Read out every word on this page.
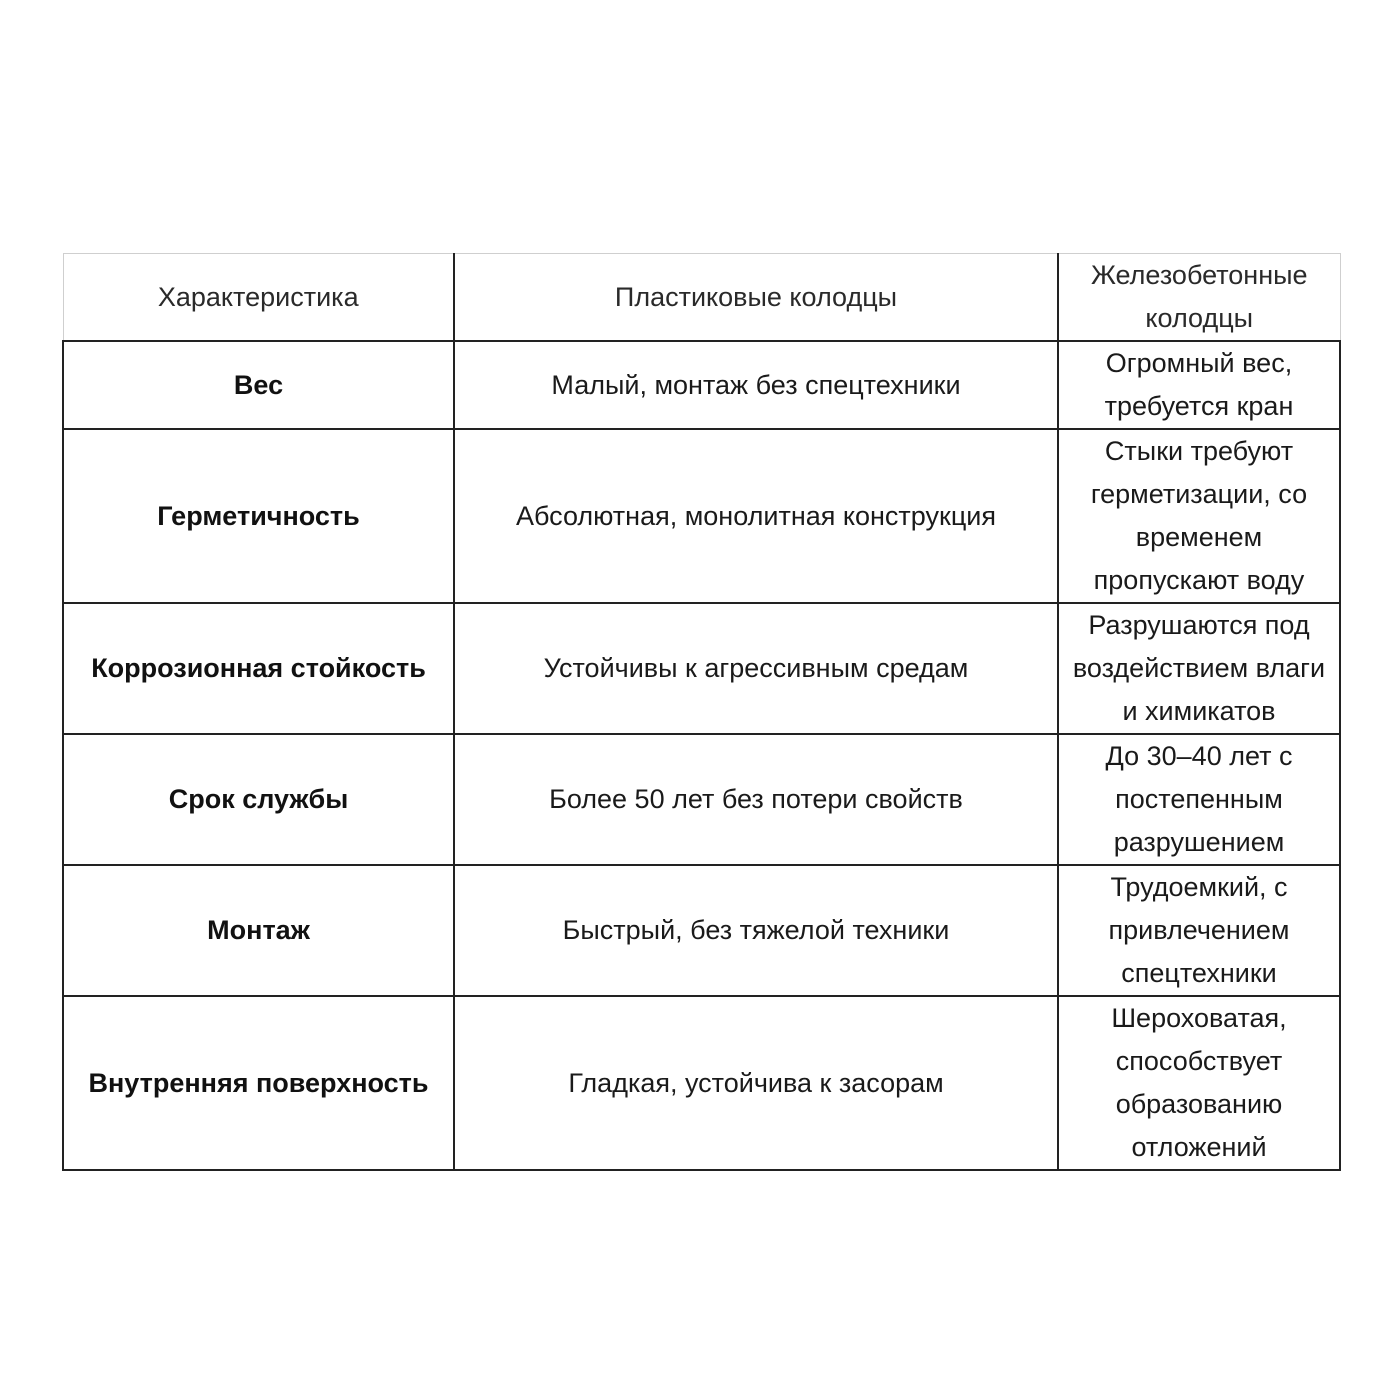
Характеристика	Пластиковые колодцы	Железобетонные колодцы
Вес	Малый, монтаж без спецтехники	Огромный вес, требуется кран
Герметичность	Абсолютная, монолитная конструкция	Стыки требуют герметизации, со временем пропускают воду
Коррозионная стойкость	Устойчивы к агрессивным средам	Разрушаются под воздействием влаги и химикатов
Срок службы	Более 50 лет без потери свойств	До 30–40 лет с постепенным разрушением
Монтаж	Быстрый, без тяжелой техники	Трудоемкий, с привлечением спецтехники
Внутренняя поверхность	Гладкая, устойчива к засорам	Шероховатая, способствует образованию отложений
